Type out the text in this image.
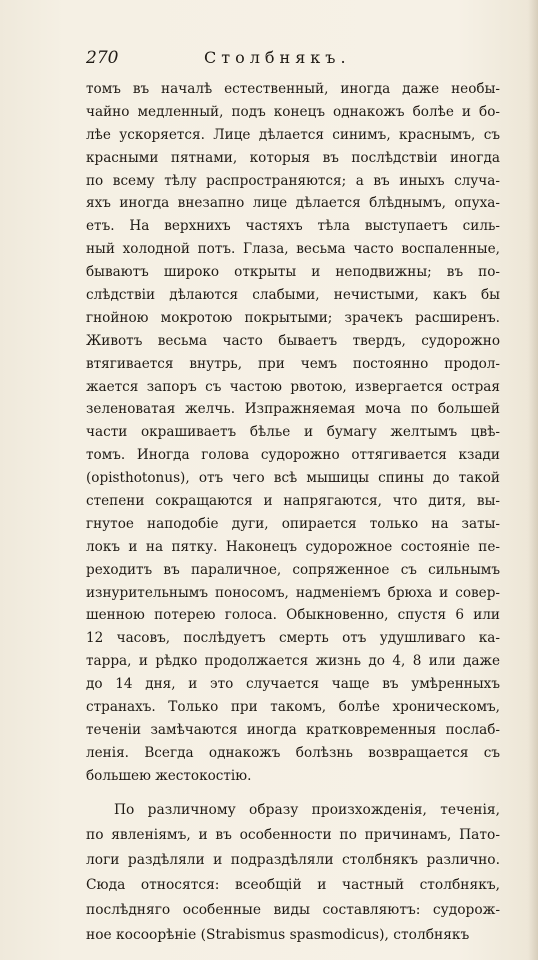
270	Столбнякъ.
томъ въ началѣ естественный, иногда даже необы-
чайно медленный, подъ конецъ однакожъ болѣе и бо-
лѣе ускоряется. Лице дѣлается синимъ, краснымъ, съ
красными пятнами, которыя въ послѣдствіи иногда
по всему тѣлу распространяются; а въ иныхъ случа-
яхъ иногда внезапно лице дѣлается блѣднымъ, опуха-
етъ. На верхнихъ частяхъ тѣла выступаетъ силь-
ный холодной потъ. Глаза, весьма часто воспаленные,
бываютъ широко открыты и неподвижны; въ по-
слѣдствіи дѣлаются слабыми, нечистыми, какъ бы
гнойною мокротою покрытыми; зрачекъ расширенъ.
Животъ весьма часто бываетъ твердъ, судорожно
втягивается внутрь, при чемъ постоянно продол-
жается запоръ съ частою рвотою, извергается острая
зеленоватая желчь. Изпражняемая моча по большей
части окрашиваетъ бѣлье и бумагу желтымъ цвѣ-
томъ. Иногда голова судорожно оттягивается кзади
(opisthotonus), отъ чего всѣ мышицы спины до такой
степени сокращаются и напрягаются, что дитя, вы-
гнутое наподобіе дуги, опирается только на заты-
локъ и на пятку. Наконецъ судорожное состояніе пе-
реходитъ въ параличное, сопряженное съ сильнымъ
изнурительнымъ поносомъ, надменіемъ брюха и совер-
шенною потерею голоса. Обыкновенно, спустя 6 или
12 часовъ, послѣдуетъ смерть отъ удушливаго ка-
тарра, и рѣдко продолжается жизнь до 4, 8 или даже
до 14 дня, и это случается чаще въ умѣренныхъ
странахъ. Только при такомъ, болѣе хроническомъ,
теченіи замѣчаются иногда кратковременныя послаб-
ленія. Всегда однакожъ болѣзнь возвращается съ
большею жестокостію.
По различному образу произхожденія, теченія,
по явленіямъ, и въ особенности по причинамъ, Пато-
логи раздѣляли и подраздѣляли столбнякъ различно.
Сюда относятся: всеобщій и частный столбнякъ,
послѣдняго особенные виды составляютъ: судорож-
ное косоорѣніе (Strabismus spasmodicus), столбнякъ
